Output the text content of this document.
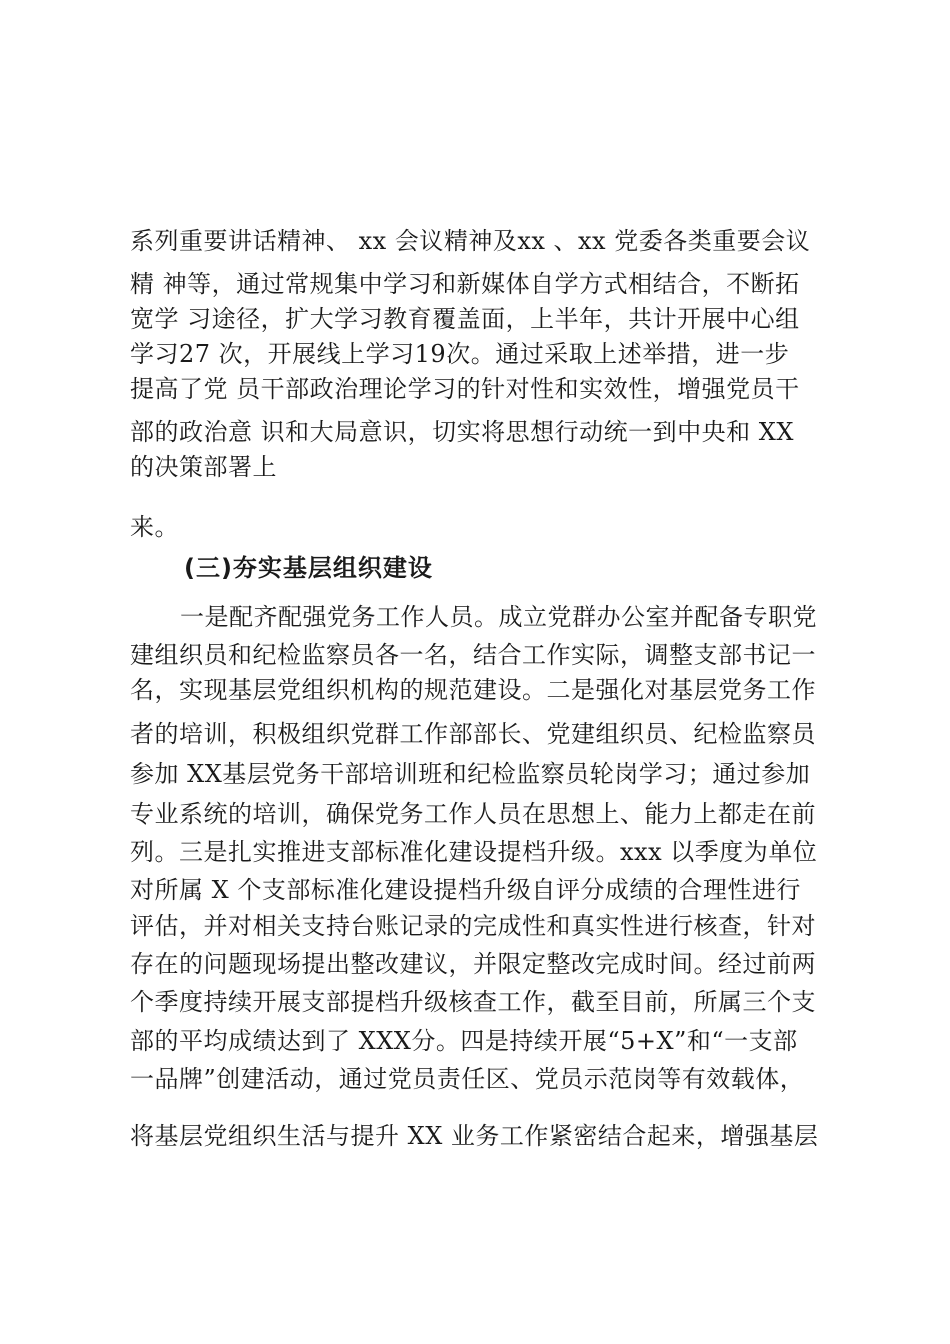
系列重要讲话精神、 xx 会议精神及xx 、xx 党委各类重要会议
精 神等，通过常规集中学习和新媒体自学方式相结合，不断拓
宽学 习途径，扩大学习教育覆盖面，上半年，共计开展中心组
学习27 次，开展线上学习19次。通过采取上述举措，进一步
提高了党 员干部政治理论学习的针对性和实效性，增强党员干
部的政治意 识和大局意识，切实将思想行动统一到中央和 XX
的决策部署上
来。
(三)夯实基层组织建设
一是配齐配强党务工作人员。成立党群办公室并配备专职党
建组织员和纪检监察员各一名，结合工作实际，调整支部书记一
名，实现基层党组织机构的规范建设。二是强化对基层党务工作
者的培训，积极组织党群工作部部长、党建组织员、纪检监察员
参加 XX基层党务干部培训班和纪检监察员轮岗学习；通过参加
专业系统的培训，确保党务工作人员在思想上、能力上都走在前
列。三是扎实推进支部标准化建设提档升级。xxx 以季度为单位
对所属 X 个支部标准化建设提档升级自评分成绩的合理性进行
评估，并对相关支持台账记录的完成性和真实性进行核查，针对
存在的问题现场提出整改建议，并限定整改完成时间。经过前两
个季度持续开展支部提档升级核查工作，截至目前，所属三个支
部的平均成绩达到了 XXX分。四是持续开展“5+X”和“一支部
一品牌”创建活动，通过党员责任区、党员示范岗等有效载体，
将基层党组织生活与提升 XX 业务工作紧密结合起来，增强基层
